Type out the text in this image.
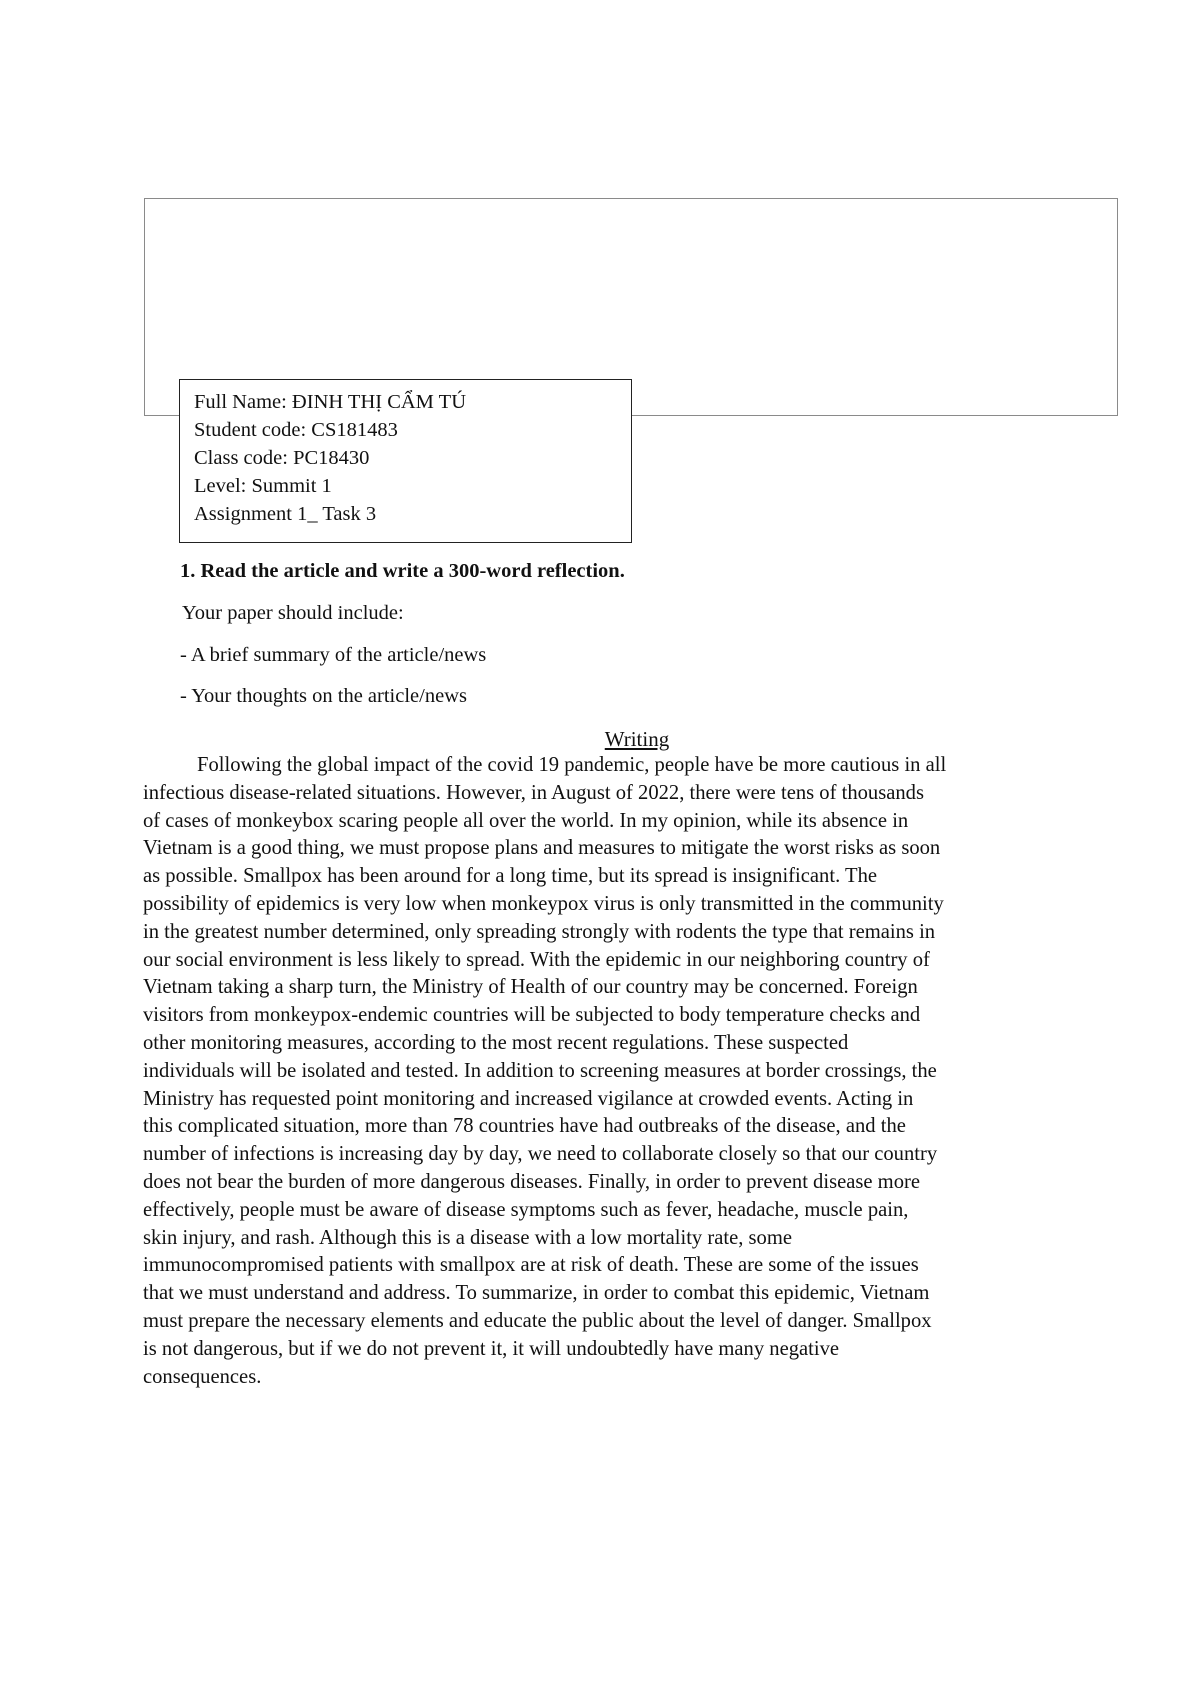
Full Name: ĐINH THỊ CẨM TÚ
Student code: CS181483
Class code: PC18430
Level: Summit 1
Assignment 1_ Task 3
1. Read the article and write a 300-word reflection.
Your paper should include:
- A brief summary of the article/news
- Your thoughts on the article/news
Writing
Following the global impact of the covid 19 pandemic, people have be more cautious in all
infectious disease-related situations. However, in August of 2022, there were tens of thousands
of cases of monkeybox scaring people all over the world. In my opinion, while its absence in
Vietnam is a good thing, we must propose plans and measures to mitigate the worst risks as soon
as possible. Smallpox has been around for a long time, but its spread is insignificant. The
possibility of epidemics is very low when monkeypox virus is only transmitted in the community
in the greatest number determined, only spreading strongly with rodents the type that remains in
our social environment is less likely to spread. With the epidemic in our neighboring country of
Vietnam taking a sharp turn, the Ministry of Health of our country may be concerned. Foreign
visitors from monkeypox-endemic countries will be subjected to body temperature checks and
other monitoring measures, according to the most recent regulations. These suspected
individuals will be isolated and tested. In addition to screening measures at border crossings, the
Ministry has requested point monitoring and increased vigilance at crowded events. Acting in
this complicated situation, more than 78 countries have had outbreaks of the disease, and the
number of infections is increasing day by day, we need to collaborate closely so that our country
does not bear the burden of more dangerous diseases. Finally, in order to prevent disease more
effectively, people must be aware of disease symptoms such as fever, headache, muscle pain,
skin injury, and rash. Although this is a disease with a low mortality rate, some
immunocompromised patients with smallpox are at risk of death. These are some of the issues
that we must understand and address. To summarize, in order to combat this epidemic, Vietnam
must prepare the necessary elements and educate the public about the level of danger. Smallpox
is not dangerous, but if we do not prevent it, it will undoubtedly have many negative
consequences.
